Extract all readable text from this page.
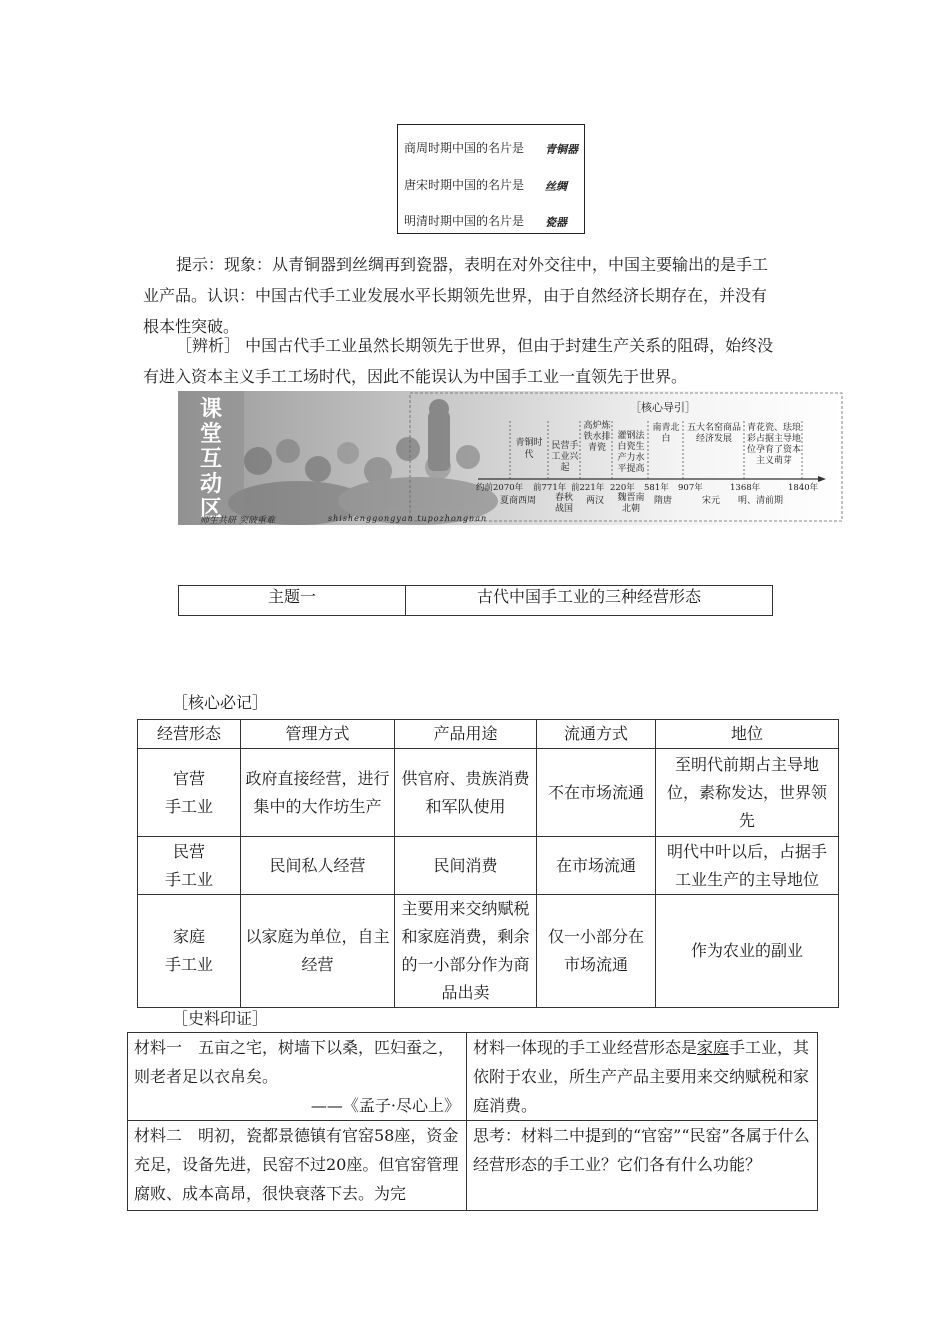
商周时期中国的名片是 青铜器
唐宋时期中国的名片是 丝绸
明清时期中国的名片是 瓷器

提示：现象：从青铜器到丝绸再到瓷器，表明在对外交往中，中国主要输出的是手工

业产品。认识：中国古代手工业发展水平长期领先世界，由于自然经济长期存在，并没有

根本性突破。

［辨析］ 中国古代手工业虽然长期领先于世界，但由于封建生产关系的阻碍，始终没

有进入资本主义手工工场时代，因此不能误认为中国手工业一直领先于世界。

课
堂
互
动
区
师生共研 突破重难	shishenggongyan tupozhongnan
［核心导引］
青铜时代
民营手工业兴起
高炉炼铁水排青瓷
灌钢法白瓷生产力水平提高
南青北白
五大名窑商品经济发展
青花瓷、珐琅彩占据主导地位孕育了资本主义萌芽
约前2070年 前771年 前221年 220年 581年 907年	1368年	1840年
夏商西周	春秋战国
两汉 魏晋南北朝
隋唐	宋元 明、清前期
主题一	古代中国手工业的三种经营形态
［核心必记］
经营形态	管理方式	产品用途	流通方式	地位
官营
手工业	政府直接经营，进行集中的大作坊生产	供官府、贵族消费和军队使用	不在市场流通	至明代前期占主导地位，素称发达，世界领先
民营
手工业	民间私人经营	民间消费	在市场流通	明代中叶以后，占据手工业生产的主导地位
家庭
手工业	以家庭为单位，自主经营	主要用来交纳赋税和家庭消费，剩余的一小部分作为商品出卖	仅一小部分在市场流通	作为农业的副业
［史料印证］
材料一　五亩之宅，树墙下以桑，匹妇蚕之，则老者足以衣帛矣。
——《孟子·尽心上》	材料一体现的手工业经营形态是家庭手工业，其依附于农业，所生产产品主要用来交纳赋税和家庭消费。
材料二　明初，瓷都景德镇有官窑58座，资金充足，设备先进，民窑不过20座。但官窑管理腐败、成本高昂，很快衰落下去。为完	思考：材料二中提到的“官窑”“民窑”各属于什么经营形态的手工业？它们各有什么功能？
